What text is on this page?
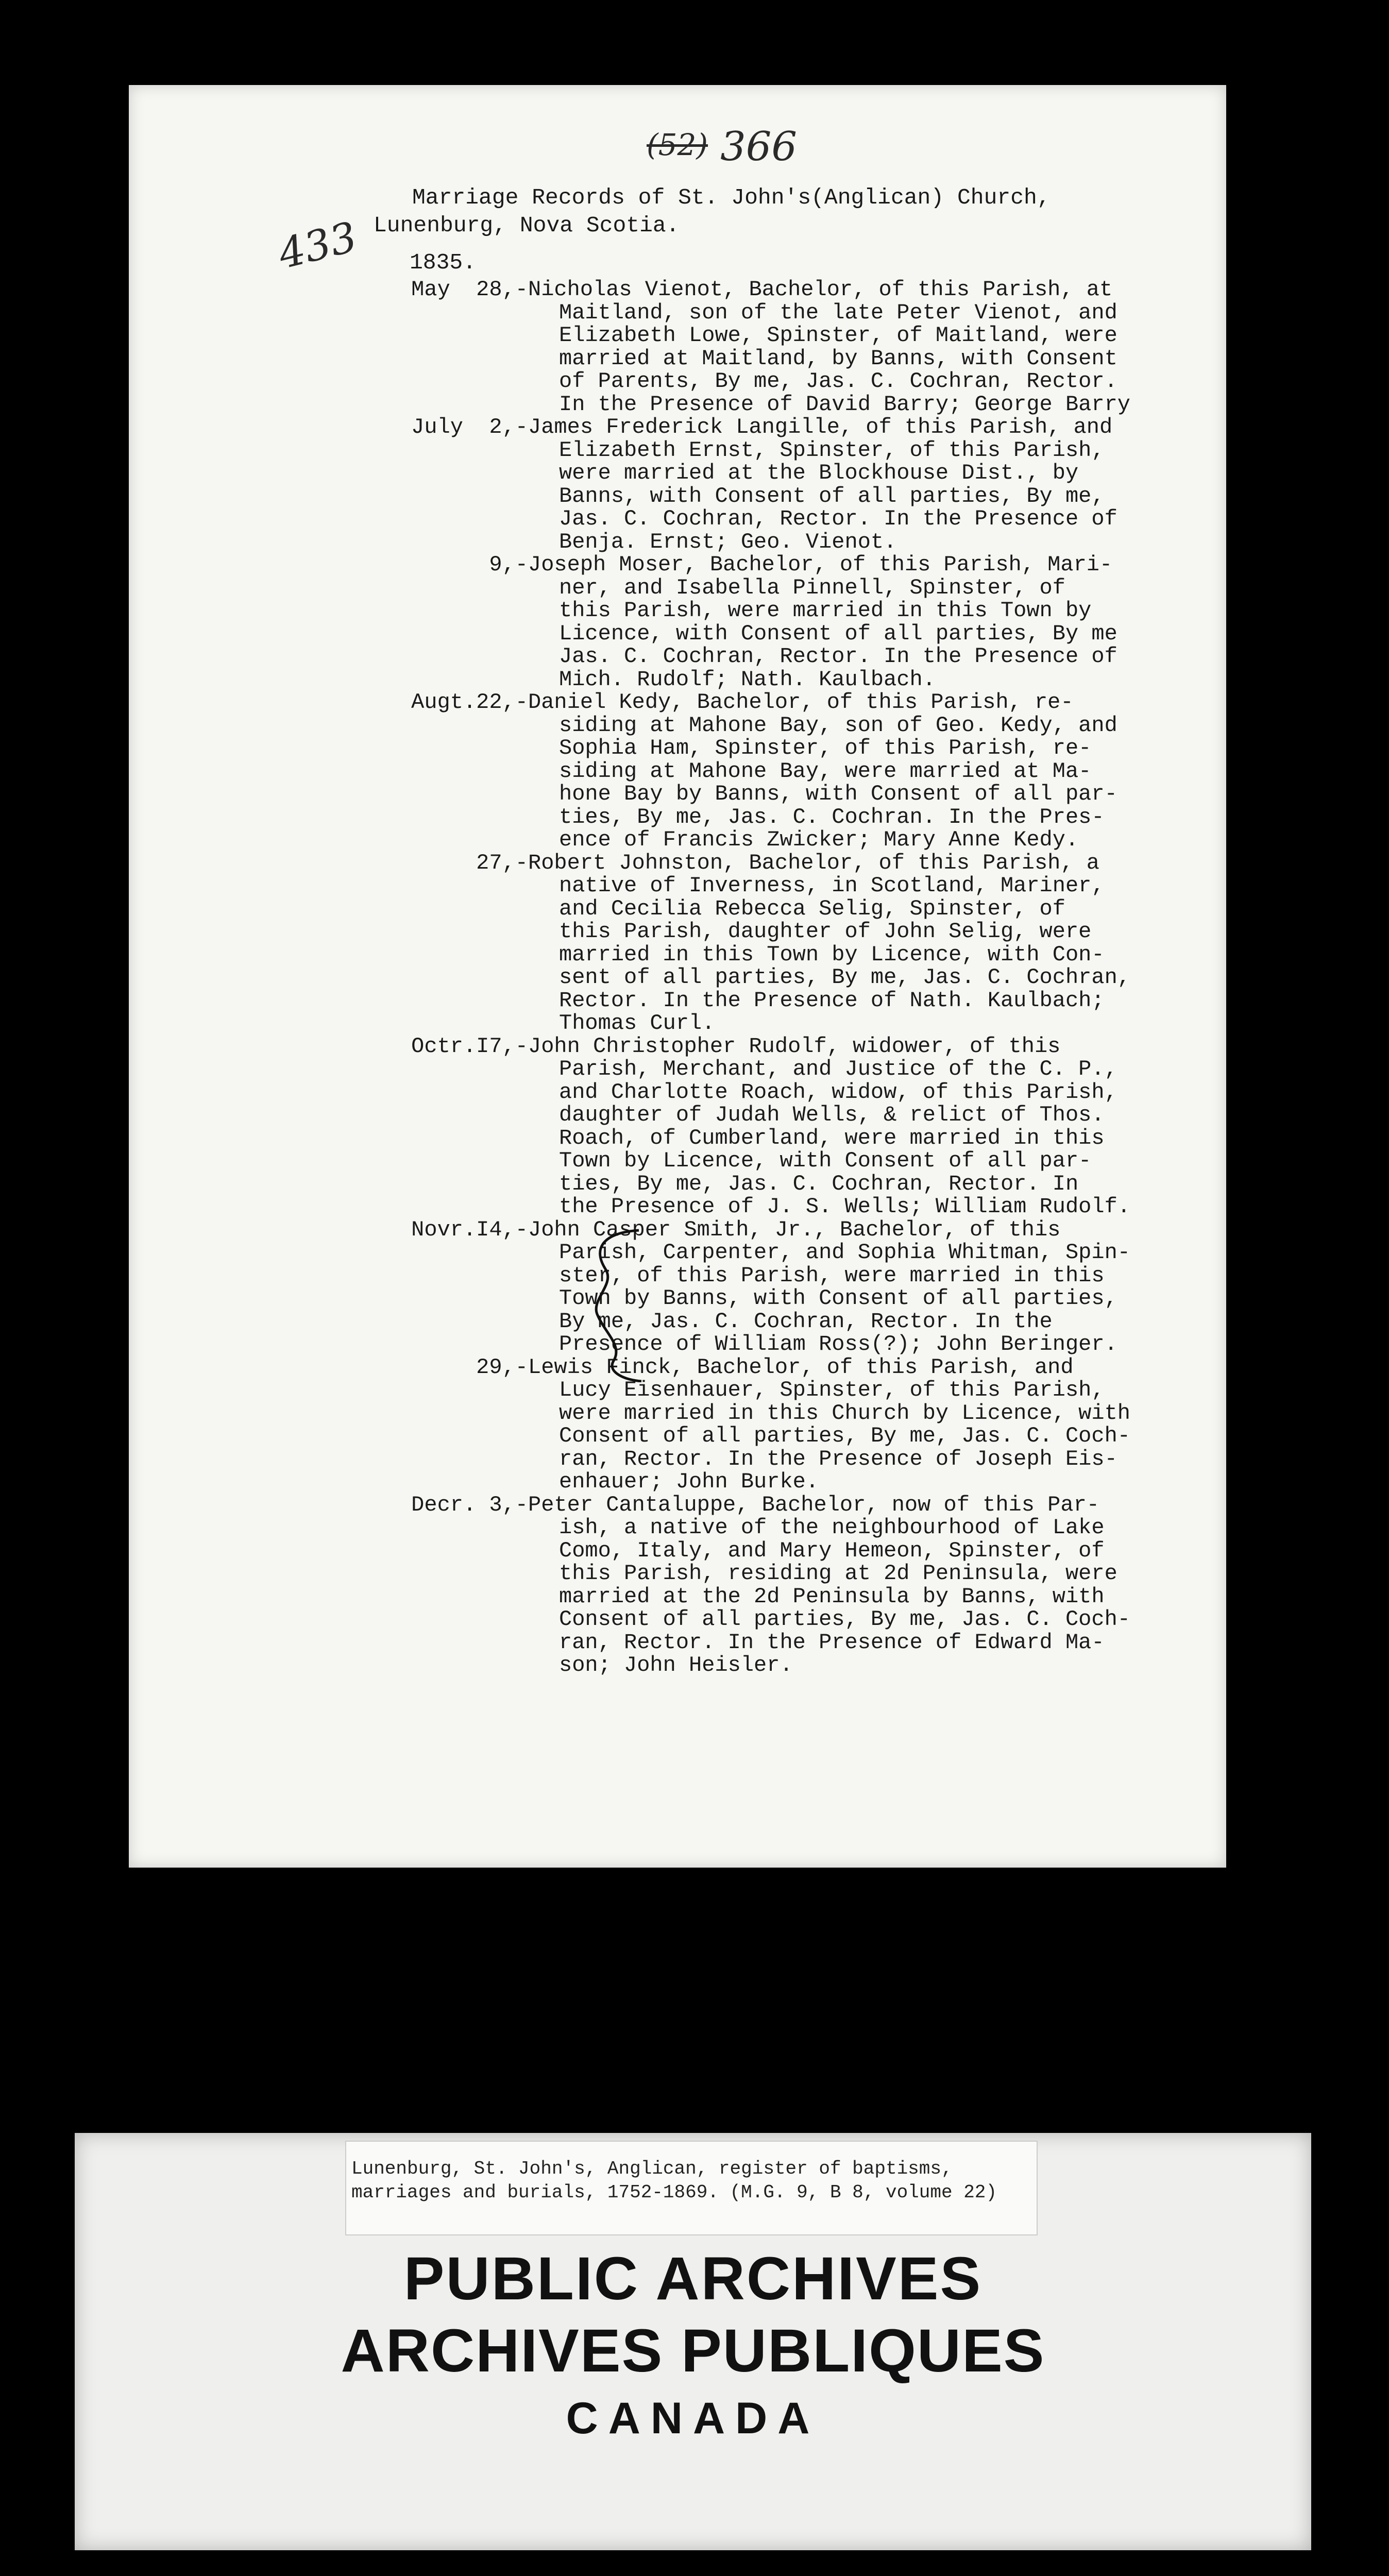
(52) 366
433
Marriage Records of St. John's(Anglican) Church,
Lunenburg, Nova Scotia.
1835.
May  28,- Nicholas Vienot, Bachelor, of this Parish, at
Maitland, son of the late Peter Vienot, and
Elizabeth Lowe, Spinster, of Maitland, were
married at Maitland, by Banns, with Consent
of Parents, By me, Jas. C. Cochran, Rector.
In the Presence of David Barry; George Barry
July  2,- James Frederick Langille, of this Parish, and
Elizabeth Ernst, Spinster, of this Parish,
were married at the Blockhouse Dist., by
Banns, with Consent of all parties, By me,
Jas. C. Cochran, Rector. In the Presence of
Benja. Ernst; Geo. Vienot.
9,- Joseph Moser, Bachelor, of this Parish, Mari-
ner, and Isabella Pinnell, Spinster, of
this Parish, were married in this Town by
Licence, with Consent of all parties, By me
Jas. C. Cochran, Rector. In the Presence of
Mich. Rudolf; Nath. Kaulbach.
Augt.22,- Daniel Kedy, Bachelor, of this Parish, re-
siding at Mahone Bay, son of Geo. Kedy, and
Sophia Ham, Spinster, of this Parish, re-
siding at Mahone Bay, were married at Ma-
hone Bay by Banns, with Consent of all par-
ties, By me, Jas. C. Cochran. In the Pres-
ence of Francis Zwicker; Mary Anne Kedy.
27,- Robert Johnston, Bachelor, of this Parish, a
native of Inverness, in Scotland, Mariner,
and Cecilia Rebecca Selig, Spinster, of
this Parish, daughter of John Selig, were
married in this Town by Licence, with Con-
sent of all parties, By me, Jas. C. Cochran,
Rector. In the Presence of Nath. Kaulbach;
Thomas Curl.
Octr.I7,- John Christopher Rudolf, widower, of this
Parish, Merchant, and Justice of the C. P.,
and Charlotte Roach, widow, of this Parish,
daughter of Judah Wells, & relict of Thos.
Roach, of Cumberland, were married in this
Town by Licence, with Consent of all par-
ties, By me, Jas. C. Cochran, Rector. In
the Presence of J. S. Wells; William Rudolf.
Novr.I4,- John Casper Smith, Jr., Bachelor, of this
Parish, Carpenter, and Sophia Whitman, Spin-
ster, of this Parish, were married in this
Town by Banns, with Consent of all parties,
By me, Jas. C. Cochran, Rector. In the
Presence of William Ross(?); John Beringer.
29,- Lewis Finck, Bachelor, of this Parish, and
Lucy Eisenhauer, Spinster, of this Parish,
were married in this Church by Licence, with
Consent of all parties, By me, Jas. C. Coch-
ran, Rector. In the Presence of Joseph Eis-
enhauer; John Burke.
Decr. 3,- Peter Cantaluppe, Bachelor, now of this Par-
ish, a native of the neighbourhood of Lake
Como, Italy, and Mary Hemeon, Spinster, of
this Parish, residing at 2d Peninsula, were
married at the 2d Peninsula by Banns, with
Consent of all parties, By me, Jas. C. Coch-
ran, Rector. In the Presence of Edward Ma-
son; John Heisler.
Lunenburg, St. John's, Anglican, register of baptisms,
marriages and burials, 1752-1869. (M.G. 9, B 8, volume 22)
PUBLIC ARCHIVES
ARCHIVES PUBLIQUES
CANADA
